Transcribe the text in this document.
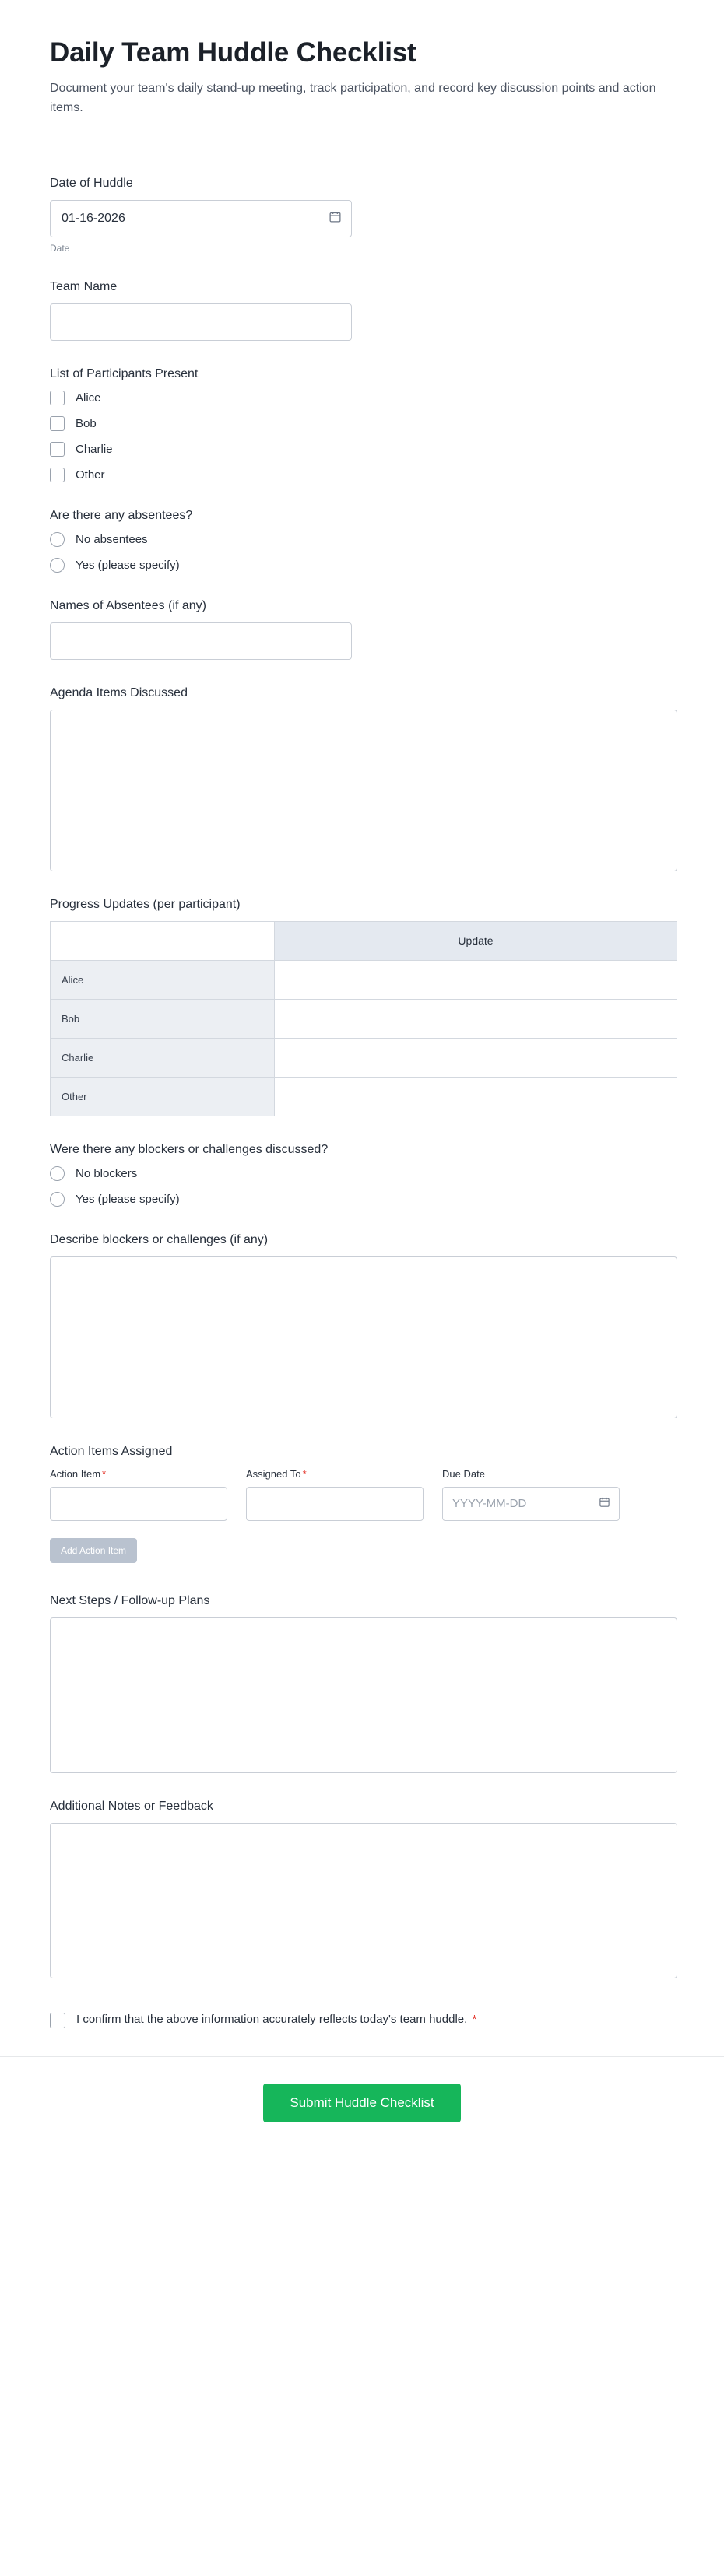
Daily Team Huddle Checklist

Document your team's daily stand-up meeting, track participation, and record key discussion points and action items.

Date of Huddle
01-16-2026
Date
Team Name
List of Participants Present
Alice
Bob
Charlie
Other
Are there any absentees?
No absentees
Yes (please specify)
Names of Absentees (if any)
Agenda Items Discussed
Progress Updates (per participant)
	Update
Alice	
Bob	
Charlie	
Other	
Were there any blockers or challenges discussed?
No blockers
Yes (please specify)
Describe blockers or challenges (if any)
Action Items Assigned
Action Item *	Assigned To *	Due Date
YYYY-MM-DD
Add Action Item
Next Steps / Follow-up Plans
Additional Notes or Feedback
I confirm that the above information accurately reflects today's team huddle. *
Submit Huddle Checklist
